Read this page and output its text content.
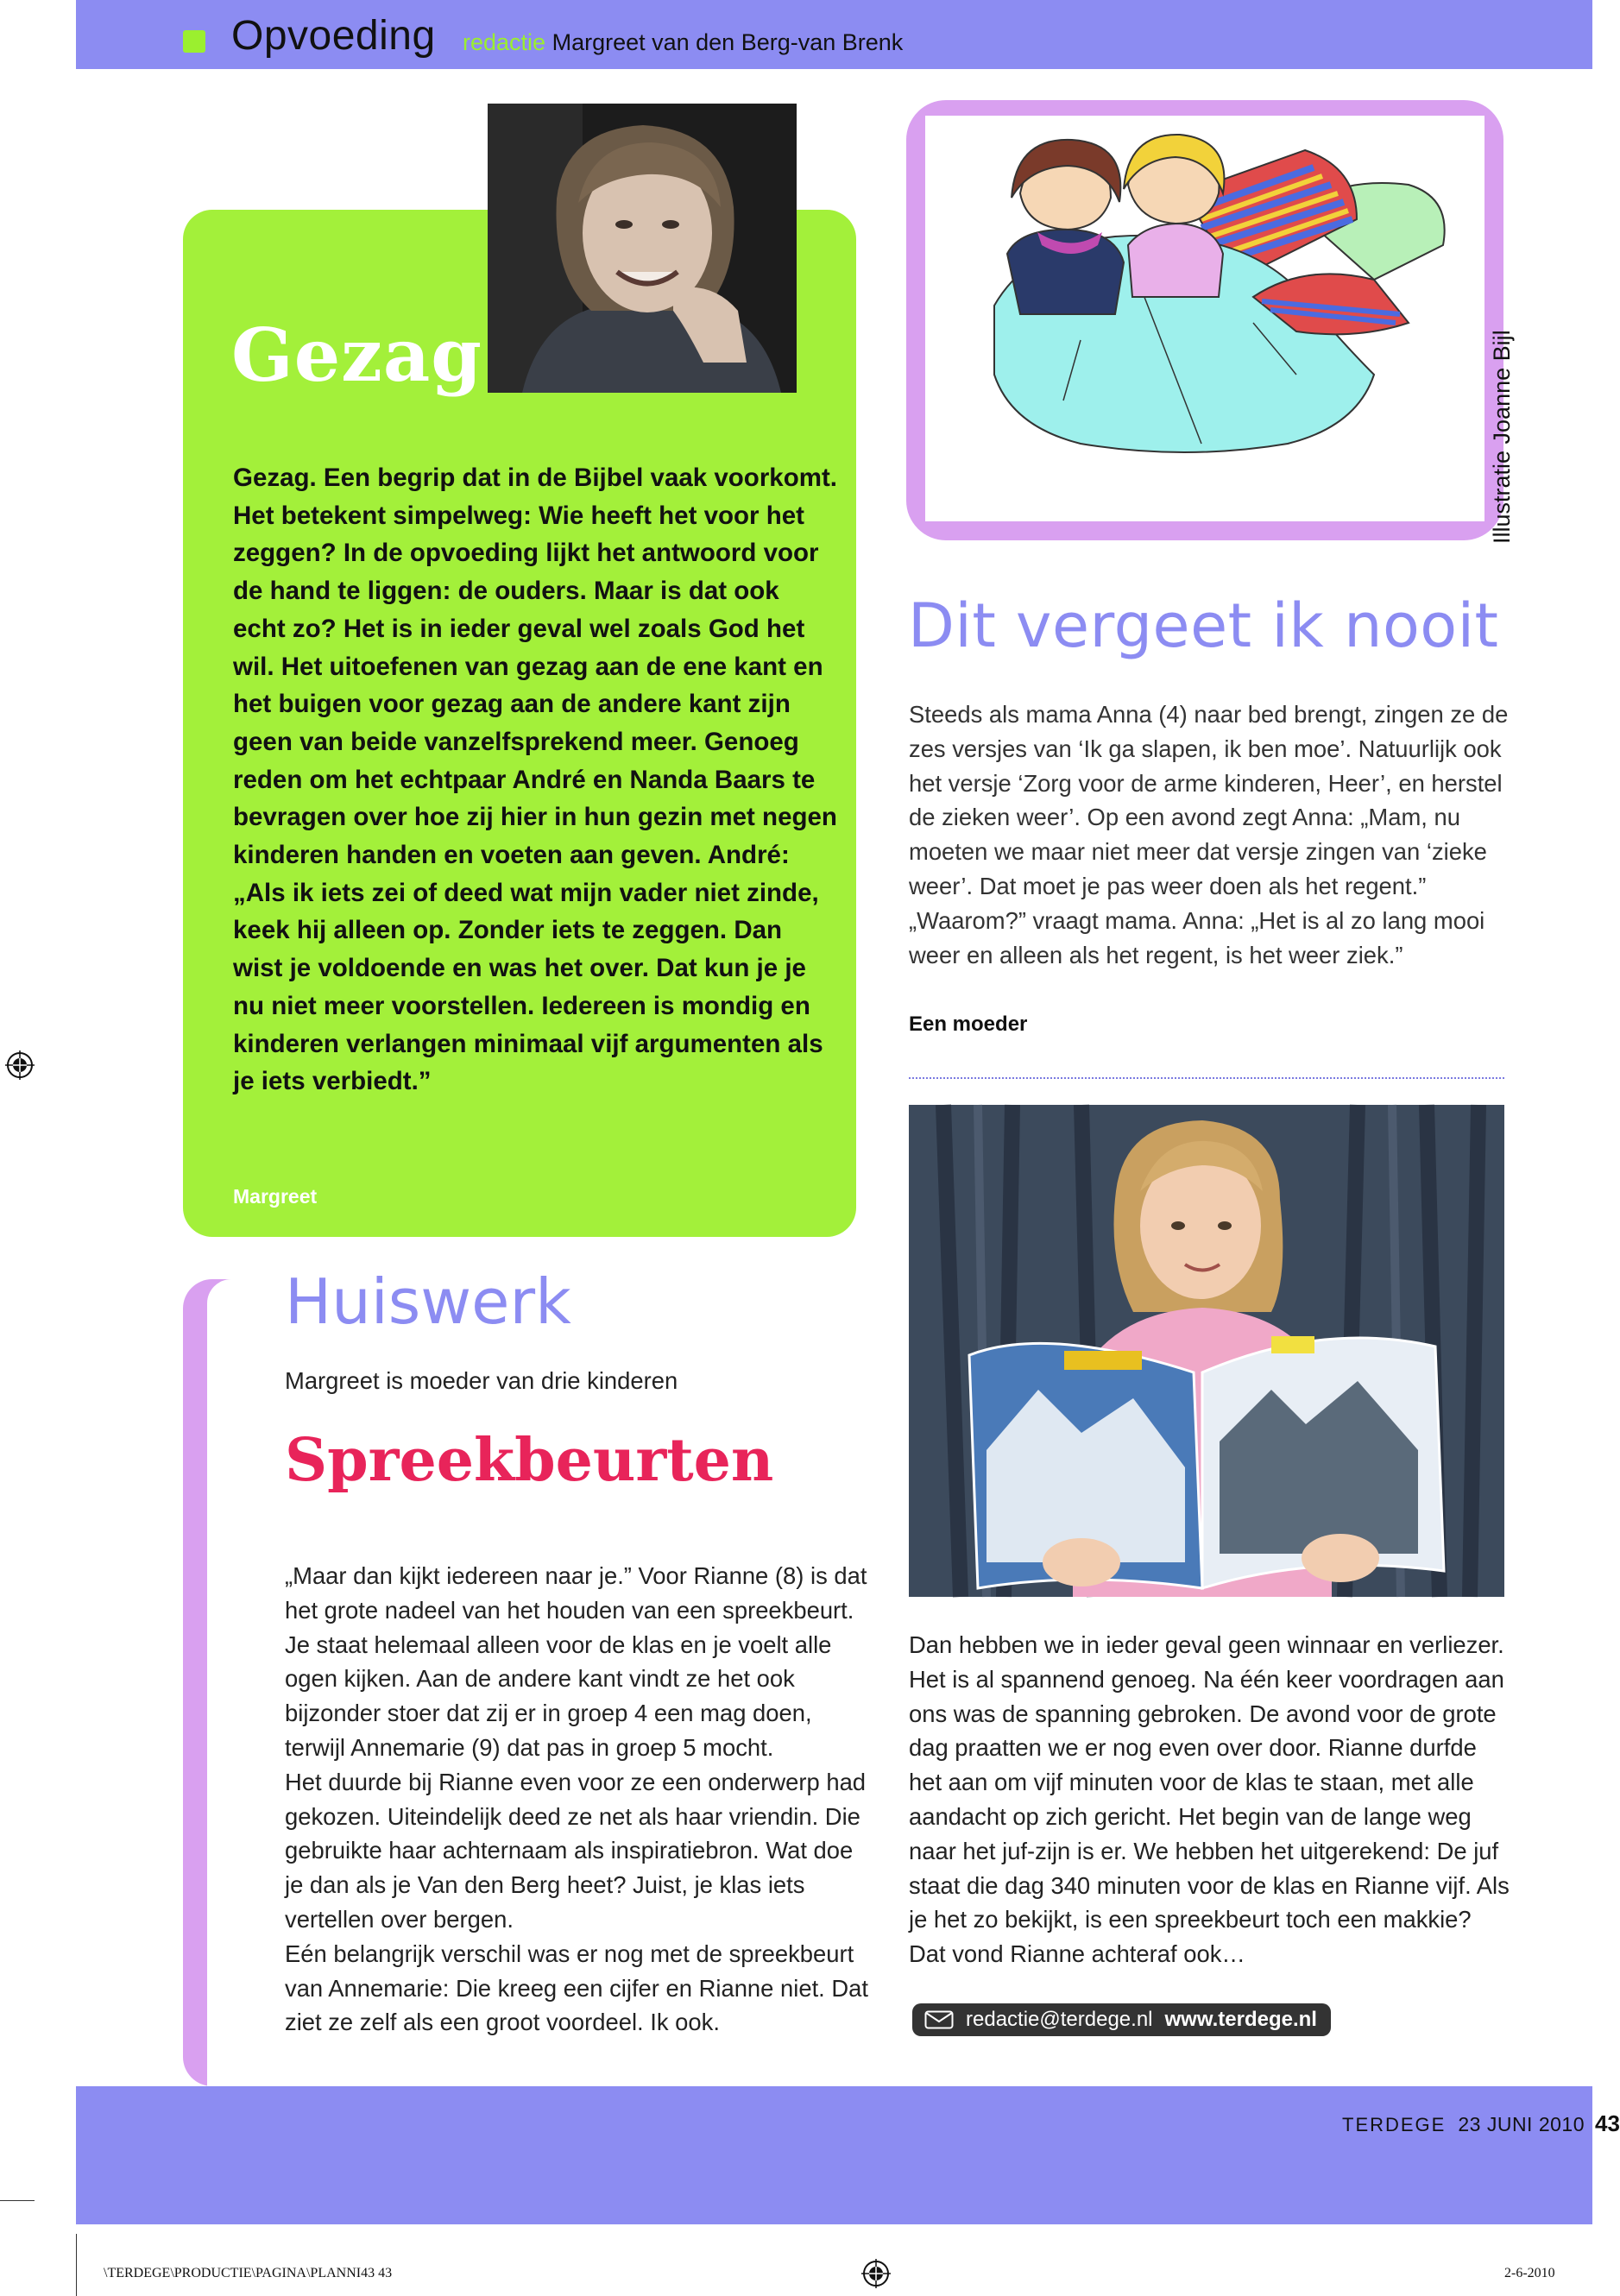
Opvoeding redactie Margreet van den Berg-van Brenk
Gezag
Gezag. Een begrip dat in de Bijbel vaak voorkomt. Het betekent simpelweg: Wie heeft het voor het zeggen? In de opvoeding lijkt het antwoord voor de hand te liggen: de ouders. Maar is dat ook echt zo? Het is in ieder geval wel zoals God het wil. Het uitoefenen van gezag aan de ene kant en het buigen voor gezag aan de andere kant zijn geen van beide vanzelfsprekend meer. Genoeg reden om het echtpaar André en Nanda Baars te bevragen over hoe zij hier in hun gezin met negen kinderen handen en voeten aan geven. André: „Als ik iets zei of deed wat mijn vader niet zinde, keek hij alleen op. Zonder iets te zeggen. Dan wist je voldoende en was het over. Dat kun je je nu niet meer voorstellen. Iedereen is mondig en kinderen verlangen minimaal vijf argumenten als je iets verbiedt.”
Margreet
Illustratie Joanne Bijl
Dit vergeet ik nooit
Steeds als mama Anna (4) naar bed brengt, zingen ze de zes versjes van ‘Ik ga slapen, ik ben moe’. Natuurlijk ook het versje ‘Zorg voor de arme kinderen, Heer’, en herstel de zieken weer’. Op een avond zegt Anna: „Mam, nu moeten we maar niet meer dat versje zingen van ‘zieke weer’. Dat moet je pas weer doen als het regent.” „Waarom?” vraagt mama. Anna: „Het is al zo lang mooi weer en alleen als het regent, is het weer ziek.”
Een moeder
Huiswerk
Margreet is moeder van drie kinderen
Spreekbeurten

„Maar dan kijkt iedereen naar je.” Voor Rianne (8) is dat het grote nadeel van het houden van een spreekbeurt. Je staat helemaal alleen voor de klas en je voelt alle ogen kijken. Aan de andere kant vindt ze het ook bijzonder stoer dat zij er in groep 4 een mag doen, terwijl Annemarie (9) dat pas in groep 5 mocht.

Het duurde bij Rianne even voor ze een onderwerp had gekozen. Uiteindelijk deed ze net als haar vriendin. Die gebruikte haar achternaam als inspiratiebron. Wat doe je dan als je Van den Berg heet? Juist, je klas iets vertellen over bergen.

Eén belangrijk verschil was er nog met de spreekbeurt van Annemarie: Die kreeg een cijfer en Rianne niet. Dat ziet ze zelf als een groot voordeel. Ik ook.

Dan hebben we in ieder geval geen winnaar en verliezer. Het is al spannend genoeg. Na één keer voordragen aan ons was de spanning gebroken. De avond voor de grote dag praatten we er nog even over door. Rianne durfde het aan om vijf minuten voor de klas te staan, met alle aandacht op zich gericht. Het begin van de lange weg naar het juf-zijn is er. We hebben het uitgerekend: De juf staat die dag 340 minuten voor de klas en Rianne vijf. Als je het zo bekijkt, is een spreekbeurt toch een makkie? Dat vond Rianne achteraf ook…
redactie@terdege.nl www.terdege.nl
TERDEGE 23 JUNI 2010 43
\TERDEGE\PRODUCTIE\PAGINA\PLANNI43 43	2-6-2010
